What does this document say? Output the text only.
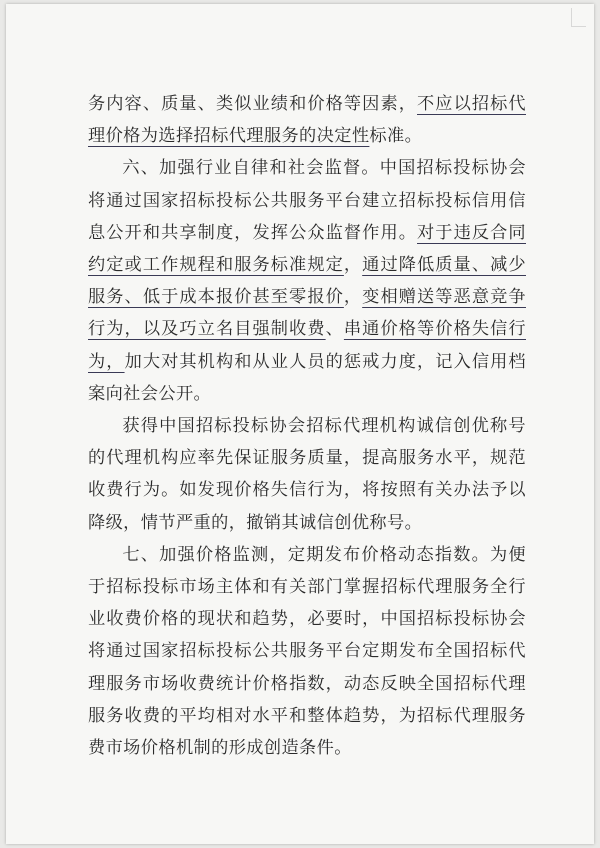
务内容、质量、类似业绩和价格等因素，不应以招标代理价格为选择招标代理服务的决定性标准。

六、加强行业自律和社会监督。中国招标投标协会将通过国家招标投标公共服务平台建立招标投标信用信息公开和共享制度，发挥公众监督作用。对于违反合同约定或工作规程和服务标准规定，通过降低质量、减少服务、低于成本报价甚至零报价，变相赠送等恶意竞争行为，以及巧立名目强制收费、串通价格等价格失信行为，加大对其机构和从业人员的惩戒力度，记入信用档案向社会公开。

获得中国招标投标协会招标代理机构诚信创优称号的代理机构应率先保证服务质量，提高服务水平，规范收费行为。如发现价格失信行为，将按照有关办法予以降级，情节严重的，撤销其诚信创优称号。

七、加强价格监测，定期发布价格动态指数。为便于招标投标市场主体和有关部门掌握招标代理服务全行业收费价格的现状和趋势，必要时，中国招标投标协会将通过国家招标投标公共服务平台定期发布全国招标代理服务市场收费统计价格指数，动态反映全国招标代理服务收费的平均相对水平和整体趋势，为招标代理服务费市场价格机制的形成创造条件。
